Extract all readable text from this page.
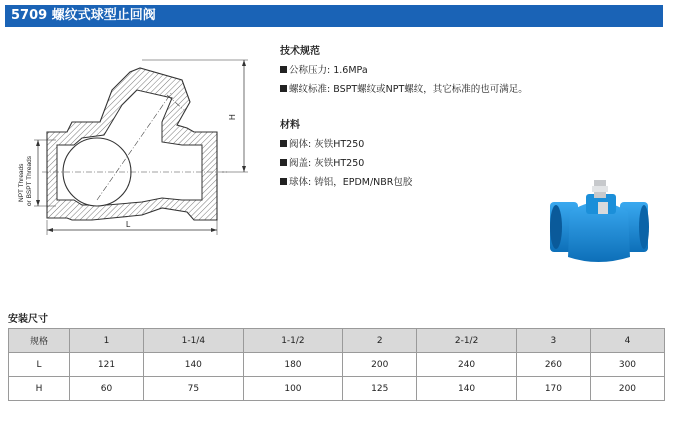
5709 螺纹式球型止回阀
NPT Threads or BSPT Threads
H
L
技术规范
公称压力: 1.6MPa
螺纹标准: BSPT螺纹或NPT螺纹，其它标准的也可满足。
材料
阀体: 灰铁HT250
阀盖: 灰铁HT250
球体: 铸铝，EPDM/NBR包胶
安装尺寸
规格	1	1-1/4	1-1/2	2	2-1/2	3	4
L	121	140	180	200	240	260	300
H	60	75	100	125	140	170	200
